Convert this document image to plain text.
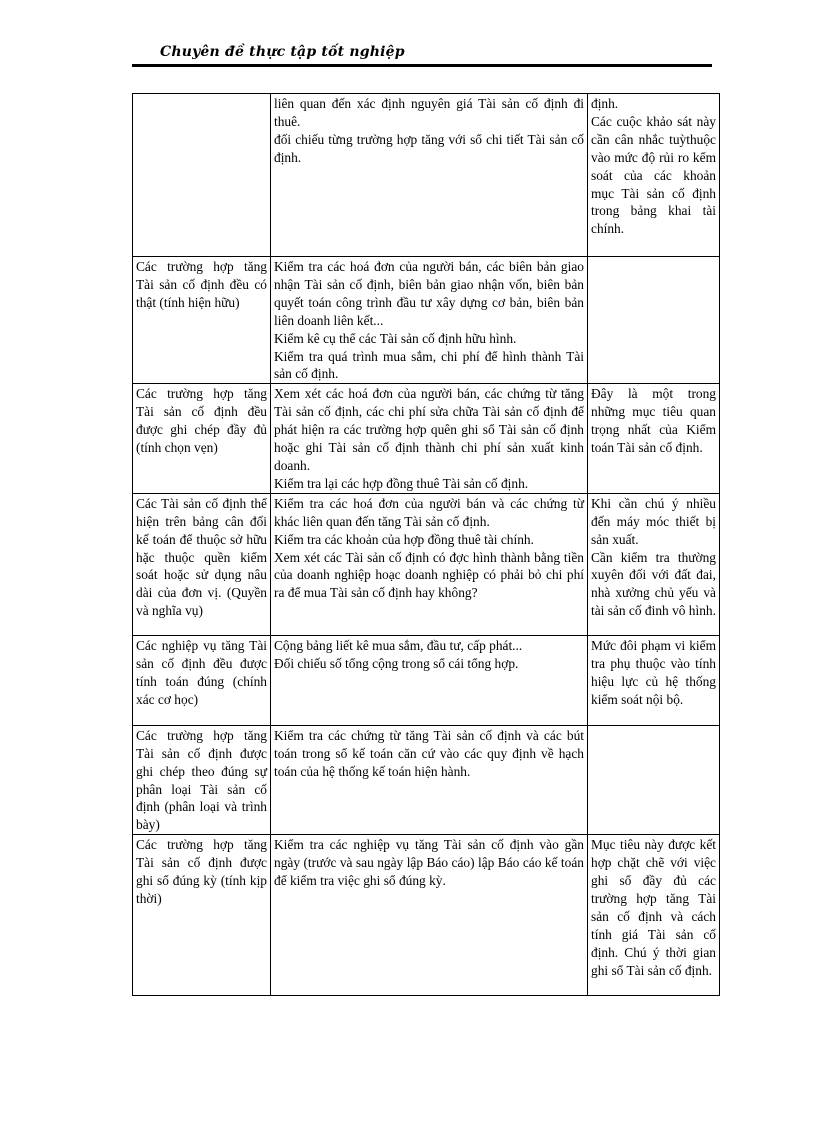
Chuyên đề thực tập tốt nghiệp

	liên quan đến xác định nguyên giá Tài sản cố định đi thuê.
đối chiếu từng trường hợp tăng với sổ chi tiết Tài sản cố định.	định.
Các cuộc khảo sát này cần cân nhắc tuỳthuộc vào mức độ rủi ro kểm soát của các khoản mục Tài sản cố định trong bảng khai tài chính.

Các trường hợp tăng Tài sản cố định đều có thật (tính hiện hữu)	Kiểm tra các hoá đơn của người bán, các biên bản giao nhận Tài sản cố định, biên bản giao nhận vốn, biên bản quyết toán công trình đầu tư xây dựng cơ bản, biên bản liên doanh liên kết...
Kiểm kê cụ thể các Tài sản cố định hữu hình.
Kiểm tra quá trình mua sắm, chi phí để hình thành Tài sản cố định.	

Các trường hợp tăng Tài sản cố định đều được ghi chép đầy đủ (tính chọn vẹn)	Xem xét các hoá đơn của người bán, các chứng từ tăng Tài sản cố định, các chi phí sửa chữa Tài sản cố định để phát hiện ra các trường hợp quên ghi sổ Tài sản cố định hoặc ghi Tài sản cố định thành chi phí sản xuất kinh doanh.
Kiểm tra lại các hợp đồng thuê Tài sản cố định.	Đây là một trong những mục tiêu quan trọng nhất của Kiểm toán Tài sản cố định.

Các Tài sản cố định thể hiện trên bảng cân đối kế toán để thuộc sở hữu hặc thuộc quền kiểm soát hoặc sử dụng nâu dài của đơn vị. (Quyền và nghĩa vụ)	Kiểm tra các hoá đơn của người bán và các chứng từ khác liên quan đến tăng Tài sản cố định.
Kiểm tra các khoản của hợp đồng thuê tài chính.
Xem xét các Tài sản cố định có đợc hình thành bằng tiền của doanh nghiệp hoạc doanh nghiệp có phải bỏ chi phí ra để mua Tài sản cố định hay không?	Khi cần chú ý nhiều đến máy móc thiết bị sản xuất.
Cần kiểm tra thường xuyên đối với đất đai, nhà xưởng chủ yếu và tài sản cố đinh vô hình.

Các nghiệp vụ tăng Tài sản cố định đều được tính toán đúng (chính xác cơ học)	Cộng bảng liết kê mua sắm, đầu tư, cấp phát...
Đối chiếu số tổng cộng trong sổ cái tổng hợp.	Mức đôi phạm vi kiểm tra phụ thuộc vào tính hiệu lực củ hệ thống kiểm soát nội bộ.

Các trường hợp tăng Tài sản cố định được ghi chép theo đúng sự phân loại Tài sản cố định (phân loại và trình bày)	Kiểm tra các chứng từ tăng Tài sản cố định và các bút toán trong sổ kế toán căn cứ vào các quy định về hạch toán của hệ thống kế toán hiện hành.	

Các trường hợp tăng Tài sản cố định được ghi sổ đúng kỳ (tính kịp thời)	Kiểm tra các nghiệp vụ tăng Tài sản cố định vào gần ngày (trước và sau ngày lập Báo cáo) lập Báo cáo kế toán để kiểm tra việc ghi sổ đúng kỳ.	Mục tiêu này được kết hợp chặt chẽ với việc ghi sổ đầy đủ các trường hợp tăng Tài sản cố định và cách tính giá Tài sản cố định. Chú ý thời gian ghi sổ Tài sản cố định.
